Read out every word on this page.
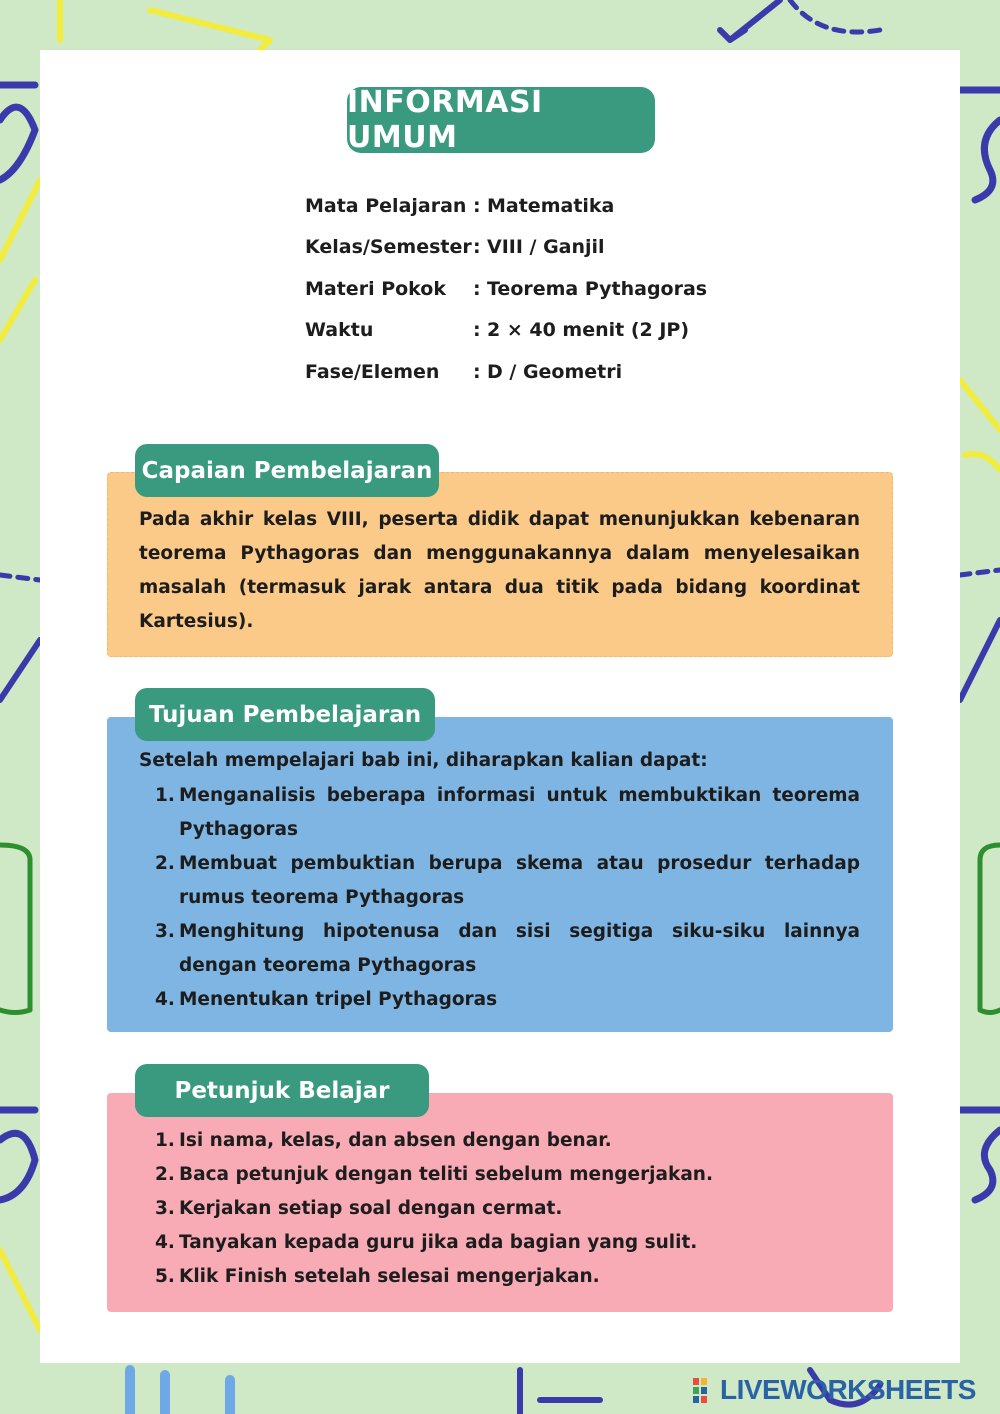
INFORMASI UMUM
Mata Pelajaran : Matematika
Kelas/Semester : VIII / Ganjil
Materi Pokok	: Teorema Pythagoras
Waktu	: 2 × 40 menit (2 JP)
Fase/Elemen	: D / Geometri
Capaian Pembelajaran
Pada akhir kelas VIII, peserta didik dapat menunjukkan kebenaran teorema Pythagoras dan menggunakannya dalam menyelesaikan masalah (termasuk jarak antara dua titik pada bidang koordinat Kartesius).
Tujuan Pembelajaran
Setelah mempelajari bab ini, diharapkan kalian dapat:
1. Menganalisis beberapa informasi untuk membuktikan teorema Pythagoras
2. Membuat pembuktian berupa skema atau prosedur terhadap rumus teorema Pythagoras
3. Menghitung hipotenusa dan sisi segitiga siku-siku lainnya dengan teorema Pythagoras
4. Menentukan tripel Pythagoras
Petunjuk Belajar
1. Isi nama, kelas, dan absen dengan benar.
2. Baca petunjuk dengan teliti sebelum mengerjakan.
3. Kerjakan setiap soal dengan cermat.
4. Tanyakan kepada guru jika ada bagian yang sulit.
5. Klik Finish setelah selesai mengerjakan.
LIVEWORKSHEETS
